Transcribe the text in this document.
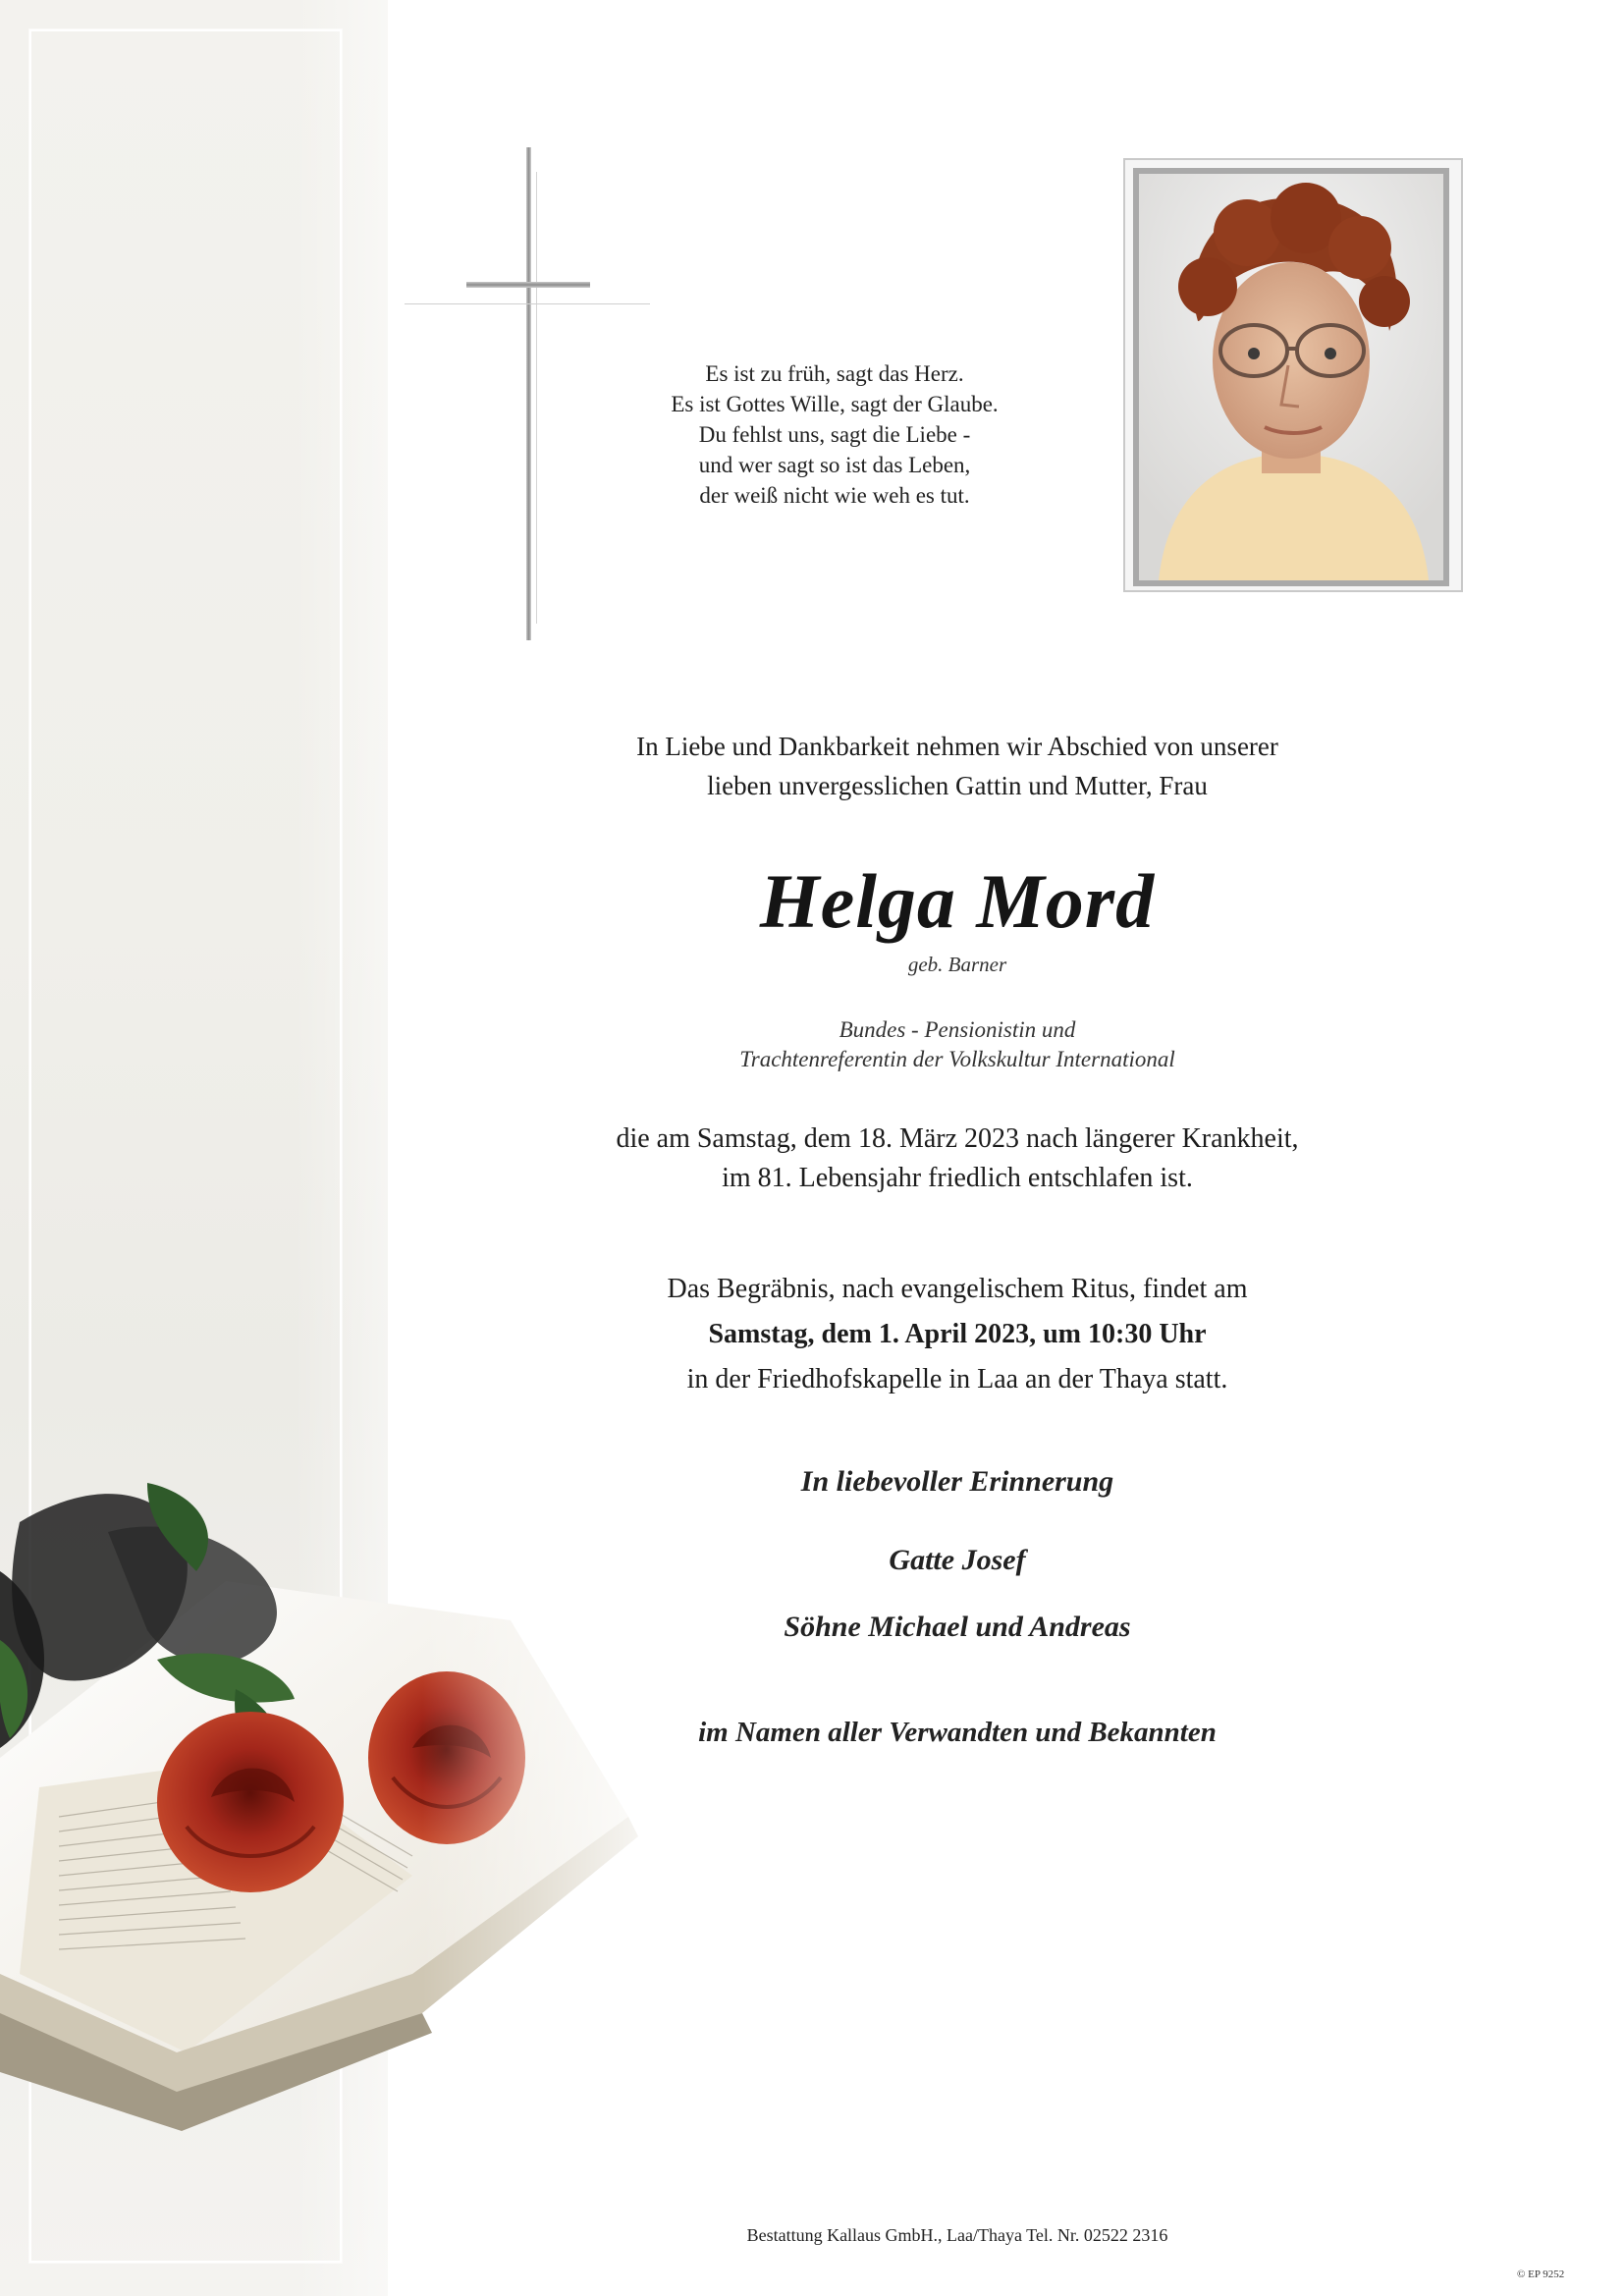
Es ist zu früh, sagt das Herz.
Es ist Gottes Wille, sagt der Glaube.
Du fehlst uns, sagt die Liebe -
und wer sagt so ist das Leben,
der weiß nicht wie weh es tut.
In Liebe und Dankbarkeit nehmen wir Abschied von unserer
lieben unvergesslichen Gattin und Mutter, Frau
Helga Mord
geb. Barner
Bundes - Pensionistin und
Trachtenreferentin der Volkskultur International
die am Samstag, dem 18. März 2023 nach längerer Krankheit,
im 81. Lebensjahr friedlich entschlafen ist.
Das Begräbnis, nach evangelischem Ritus, findet am
Samstag, dem 1. April 2023, um 10:30 Uhr
in der Friedhofskapelle in Laa an der Thaya statt.
In liebevoller Erinnerung
Gatte Josef
Söhne Michael und Andreas
im Namen aller Verwandten und Bekannten
Bestattung Kallaus GmbH., Laa/Thaya Tel. Nr. 02522 2316
© EP 9252
